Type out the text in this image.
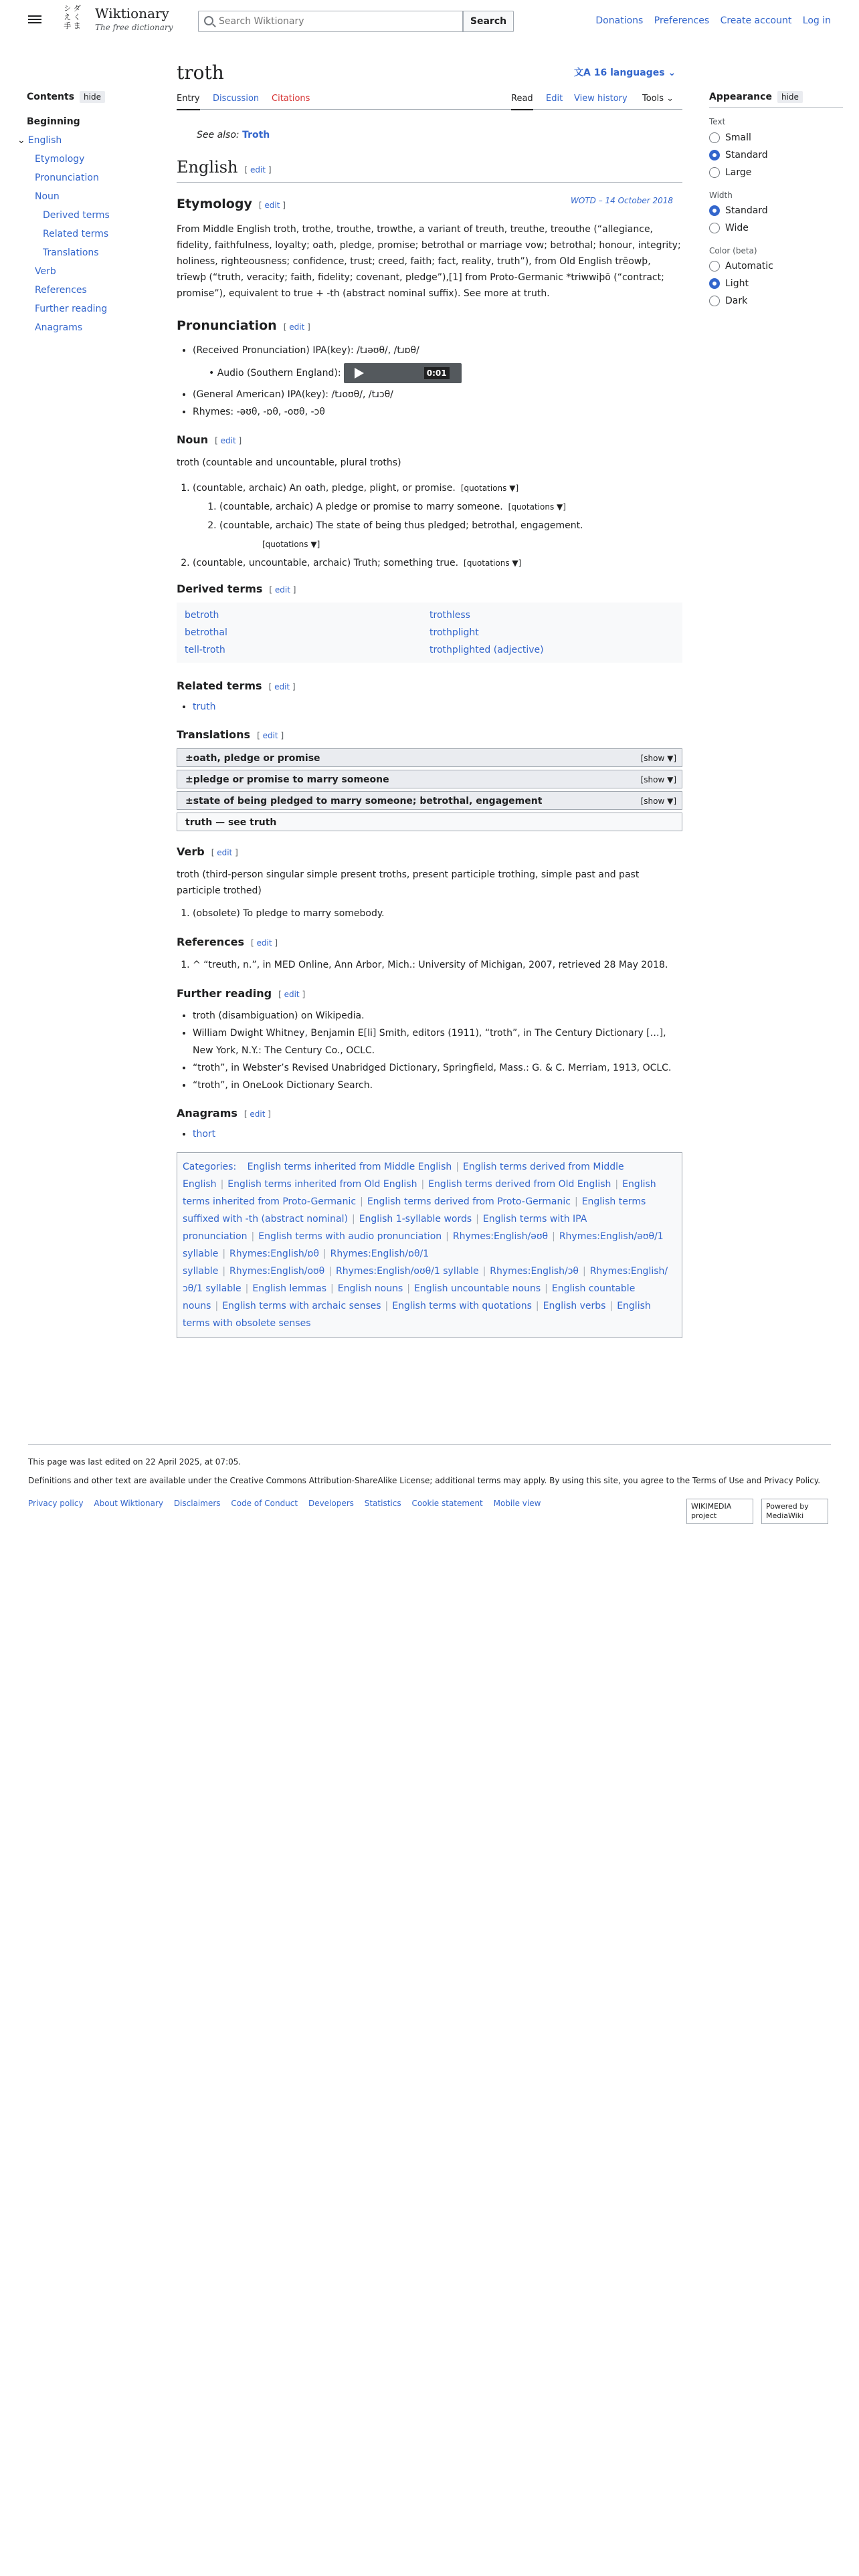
シ ダ
え く
手 ま
Wiktionary
The free dictionary
Search Wiktionary
Search	Donations Preferences Create account Log in
Contents hide
Beginning
⌄ English
Etymology
Pronunciation
Noun
Derived terms
Related terms
Translations
Verb
References
Further reading
Anagrams
troth	文A 16 languages ⌄
Entry Discussion Citations	Read Edit View history Tools ⌄
See also: Troth
English [ edit ]
Etymology [ edit ]	WOTD – 14 October 2018
From Middle English troth, trothe, trouthe, trowthe, a variant of treuth, treuthe, treouthe (“allegiance, fidelity, faithfulness, loyalty; oath, pledge, promise; betrothal or marriage vow; betrothal; honour, integrity; holiness, righteousness; confidence, trust; creed, faith; fact, reality, truth”), from Old English trēowþ, trīewþ (“truth, veracity; faith, fidelity; covenant, pledge”),[1] from Proto-Germanic *triwwiþō (“contract; promise”), equivalent to true + -th (abstract nominal suffix). See more at truth.
Pronunciation [ edit ]
• (Received Pronunciation) IPA(key): /tɹəʊθ/, /tɹɒθ/
• Audio (Southern England):	0:01
• (General American) IPA(key): /tɹoʊθ/, /tɹɔθ/
• Rhymes: -əʊθ, -ɒθ, -oʊθ, -ɔθ
Noun [ edit ]
troth (countable and uncountable, plural troths)
1. (countable, archaic) An oath, pledge, plight, or promise. [quotations ▼]
1. (countable, archaic) A pledge or promise to marry someone. [quotations ▼]
2. (countable, archaic) The state of being thus pledged; betrothal, engagement.
[quotations ▼]
2. (countable, uncountable, archaic) Truth; something true. [quotations ▼]
Derived terms [ edit ]
betroth	trothless
betrothal	trothplight
tell-troth	trothplighted (adjective)
Related terms [ edit ]
• truth
Translations [ edit ]
±oath, pledge or promise	[show ▼]
±pledge or promise to marry someone	[show ▼]
±state of being pledged to marry someone; betrothal, engagement	[show ▼]
truth — see truth
Verb [ edit ]
troth (third-person singular simple present troths, present participle trothing, simple past and past participle trothed)
1. (obsolete) To pledge to marry somebody.
References [ edit ]
1. ^ “treuth, n.”, in MED Online, Ann Arbor, Mich.: University of Michigan, 2007, retrieved 28 May 2018.
Further reading [ edit ]
• troth (disambiguation) on Wikipedia.
• William Dwight Whitney, Benjamin E[li] Smith, editors (1911), “troth”, in The Century Dictionary […], New York, N.Y.: The Century Co., OCLC.
• “troth”, in Webster’s Revised Unabridged Dictionary, Springfield, Mass.: G. & C. Merriam, 1913, OCLC.
• “troth”, in OneLook Dictionary Search.
Anagrams [ edit ]
• thort
Categories: English terms inherited from Middle English | English terms derived from Middle English | English terms inherited from Old English | English terms derived from Old English | English terms inherited from Proto-Germanic | English terms derived from Proto-Germanic | English terms suffixed with -th (abstract nominal) | English 1-syllable words | English terms with IPA pronunciation | English terms with audio pronunciation | Rhymes:English/əʊθ | Rhymes:English/əʊθ/1 syllable | Rhymes:English/ɒθ | Rhymes:English/ɒθ/1 syllable | Rhymes:English/oʊθ | Rhymes:English/oʊθ/1 syllable | Rhymes:English/ɔθ | Rhymes:English/ɔθ/1 syllable | English lemmas | English nouns | English uncountable nouns | English countable nouns | English terms with archaic senses | English terms with quotations | English verbs | English terms with obsolete senses
Appearance hide
Text
Small
Standard
Large
Width
Standard
Wide
Color (beta)
Automatic
Light
Dark
This page was last edited on 22 April 2025, at 07:05.
Definitions and other text are available under the Creative Commons Attribution-ShareAlike License; additional terms may apply. By using this site, you agree to the Terms of Use and Privacy Policy.
Privacy policy About Wiktionary Disclaimers Code of Conduct Developers Statistics Cookie statement Mobile view	WIKIMEDIA project
Powered by MediaWiki
